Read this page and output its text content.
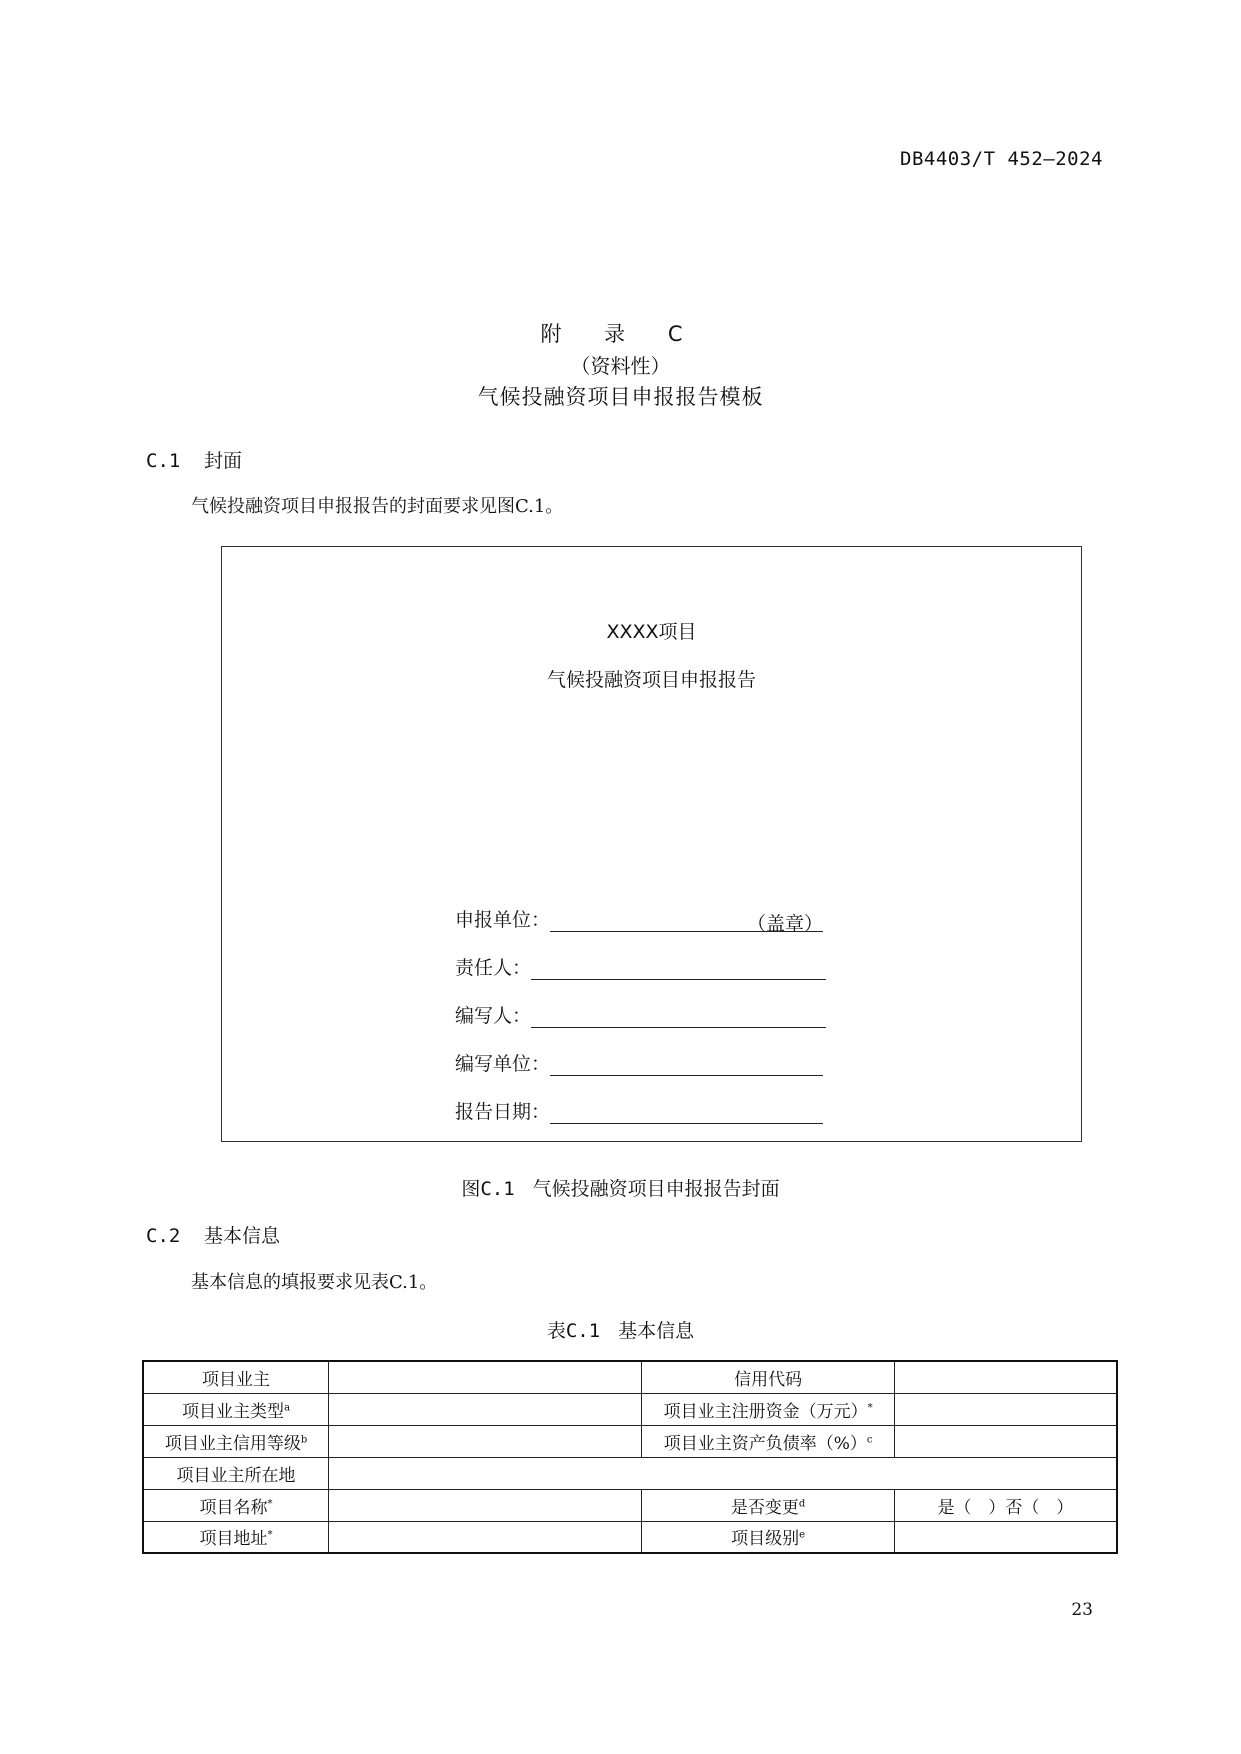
DB4403/T 452—2024
附 录 C
（资料性）
气候投融资项目申报报告模板
C.1 封面
气候投融资项目申报报告的封面要求见图C.1。
XXXX项目
气候投融资项目申报报告
申报单位：	（盖章）
责任人：
编写人：
编写单位：
报告日期：
图C.1 气候投融资项目申报报告封面
C.2 基本信息
基本信息的填报要求见表C.1。
表C.1 基本信息
项目业主		信用代码	
项目业主类型$^a$		项目业主注册资金（万元）*	
项目业主信用等级$^b$		项目业主资产负债率（%）$^c$	
项目业主所在地			
项目名称*		是否变更$^d$	是（　）否（　）
项目地址*		项目级别$^e$	
23
